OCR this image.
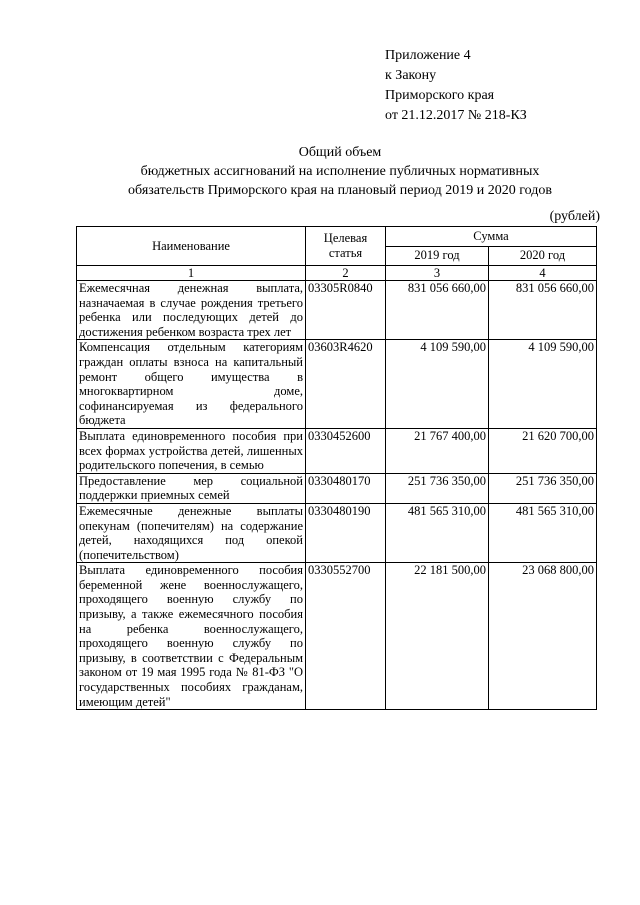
Приложение 4
к Закону
Приморского края
от 21.12.2017 № 218-КЗ
Общий объем
бюджетных ассигнований на исполнение публичных нормативных
обязательств Приморского края на плановый период 2019 и 2020 годов
(рублей)
Наименование	Целевая статья	Сумма	
		2019 год	2020 год
1	2	3	4
Ежемесячная денежная выплата, назначаемая в случае рождения третьего ребенка или последующих детей до достижения ребенком возраста трех лет	03305R0840	831 056 660,00	831 056 660,00
Компенсация отдельным категориям граждан оплаты взноса на капитальный ремонт общего имущества в многоквартирном доме, софинансируемая из федерального бюджета	03603R4620	4 109 590,00	4 109 590,00
Выплата единовременного пособия при всех формах устройства детей, лишенных родительского попечения, в семью	0330452600	21 767 400,00	21 620 700,00
Предоставление мер социальной поддержки приемных семей	0330480170	251 736 350,00	251 736 350,00
Ежемесячные денежные выплаты опекунам (попечителям) на содержание детей, находящихся под опекой (попечительством)	0330480190	481 565 310,00	481 565 310,00
Выплата единовременного пособия беременной жене военнослужащего, проходящего военную службу по призыву, а также ежемесячного пособия на ребенка военнослужащего, проходящего военную службу по призыву, в соответствии с Федеральным законом от 19 мая 1995 года № 81-ФЗ "О государственных пособиях гражданам, имеющим детей"	0330552700	22 181 500,00	23 068 800,00
